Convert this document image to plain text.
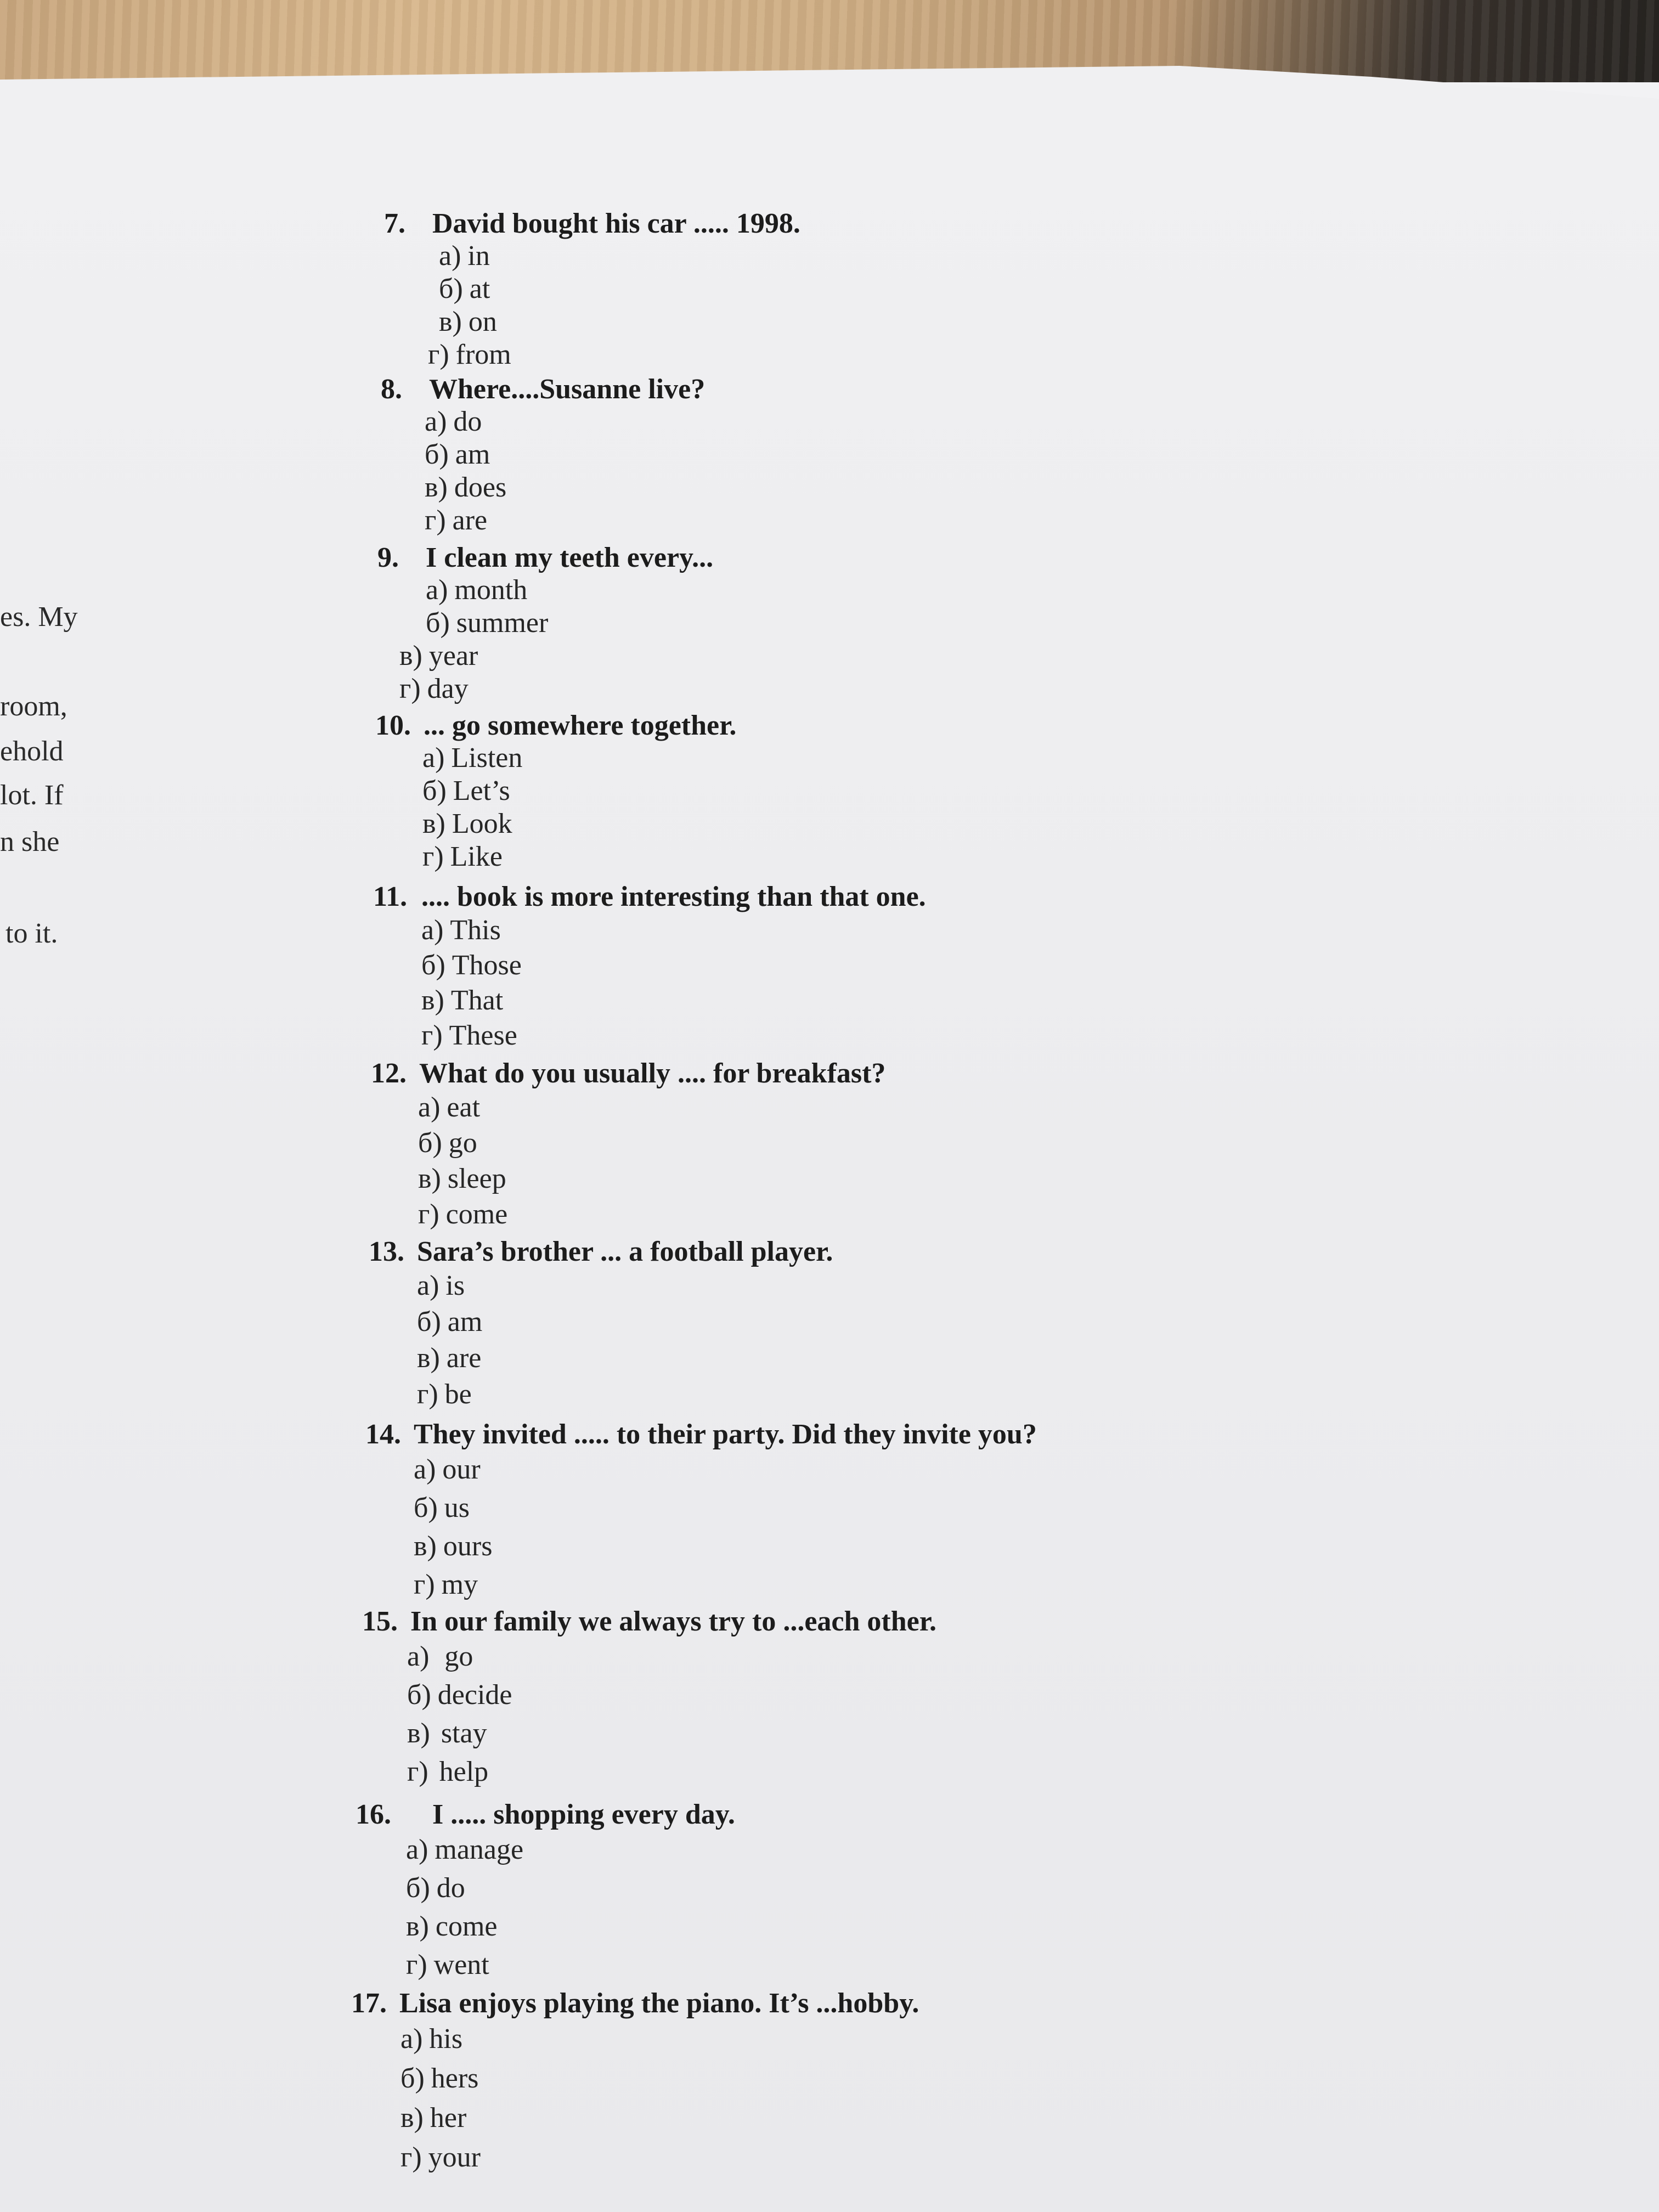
es. My
room,
ehold
lot. If
n she
to it.
7. David bought his car ..... 1998.
а) in
б) at
в) on
г) from
8. Where....Susanne live?
а) do
б) am
в) does
г) are
9. I clean my teeth every...
а) month
б) summer
в) year
г) day
10. ... go somewhere together.
а) Listen
б) Let’s
в) Look
г) Like
11. .... book is more interesting than that one.
а) This
б) Those
в) That
г) These
12. What do you usually .... for breakfast?
а) eat
б) go
в) sleep
г) come
13. Sara’s brother ... a football player.
а) is
б) am
в) are
г) be
14. They invited ..... to their party. Did they invite you?
а) our
б) us
в) ours
г) my
15. In our family we always try to ...each other.
а) go
б) decide
в) stay
г) help
16.	I ..... shopping every day.
а) manage
б) do
в) come
г) went
17. Lisa enjoys playing the piano. It’s ...hobby.
а) his
б) hers
в) her
г) your
